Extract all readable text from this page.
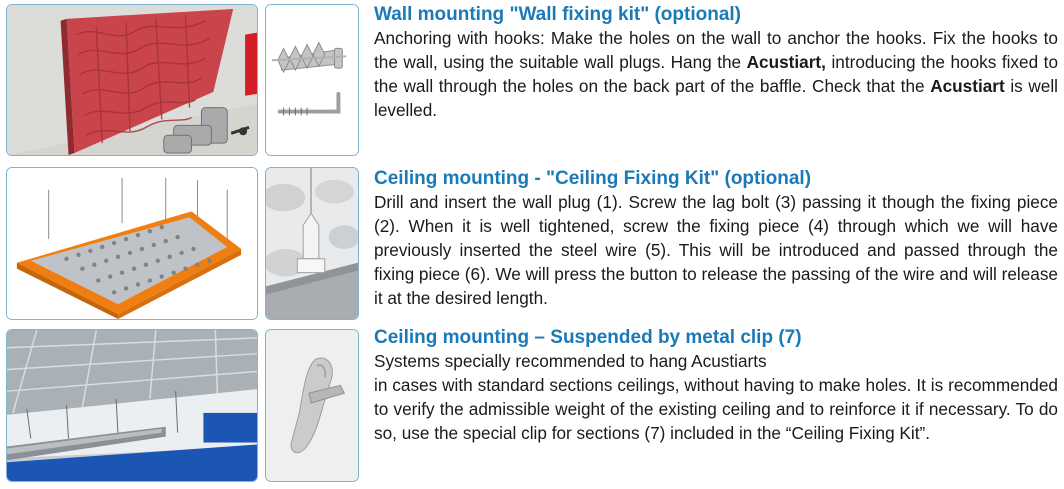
Wall mounting "Wall fixing kit" (optional)

Anchoring with hooks: Make the holes on the wall to anchor the hooks. Fix the hooks to the wall, using the suitable wall plugs. Hang the Acustiart, introducing the hooks fixed to the wall through the holes on the back part of the baffle. Check that the Acustiart is well levelled.

Ceiling mounting - "Ceiling Fixing Kit" (optional)

Drill and insert the wall plug (1). Screw the lag bolt (3) passing it though the fixing piece (2). When it is well tightened, screw the fixing piece (4) through which we will have previously inserted the steel wire (5). This will be introduced and passed through the fixing piece (6). We will press the button to release the passing of the wire and will release it at the desired length.

Ceiling mounting – Suspended by metal clip (7)

Systems specially recommended to hang Acustiarts

in cases with standard sections ceilings, without having to make holes. It is recommended to verify the admissible weight of the existing ceiling and to reinforce it if necessary. To do so, use the special clip for sections (7) included in the “Ceiling Fixing Kit”.
